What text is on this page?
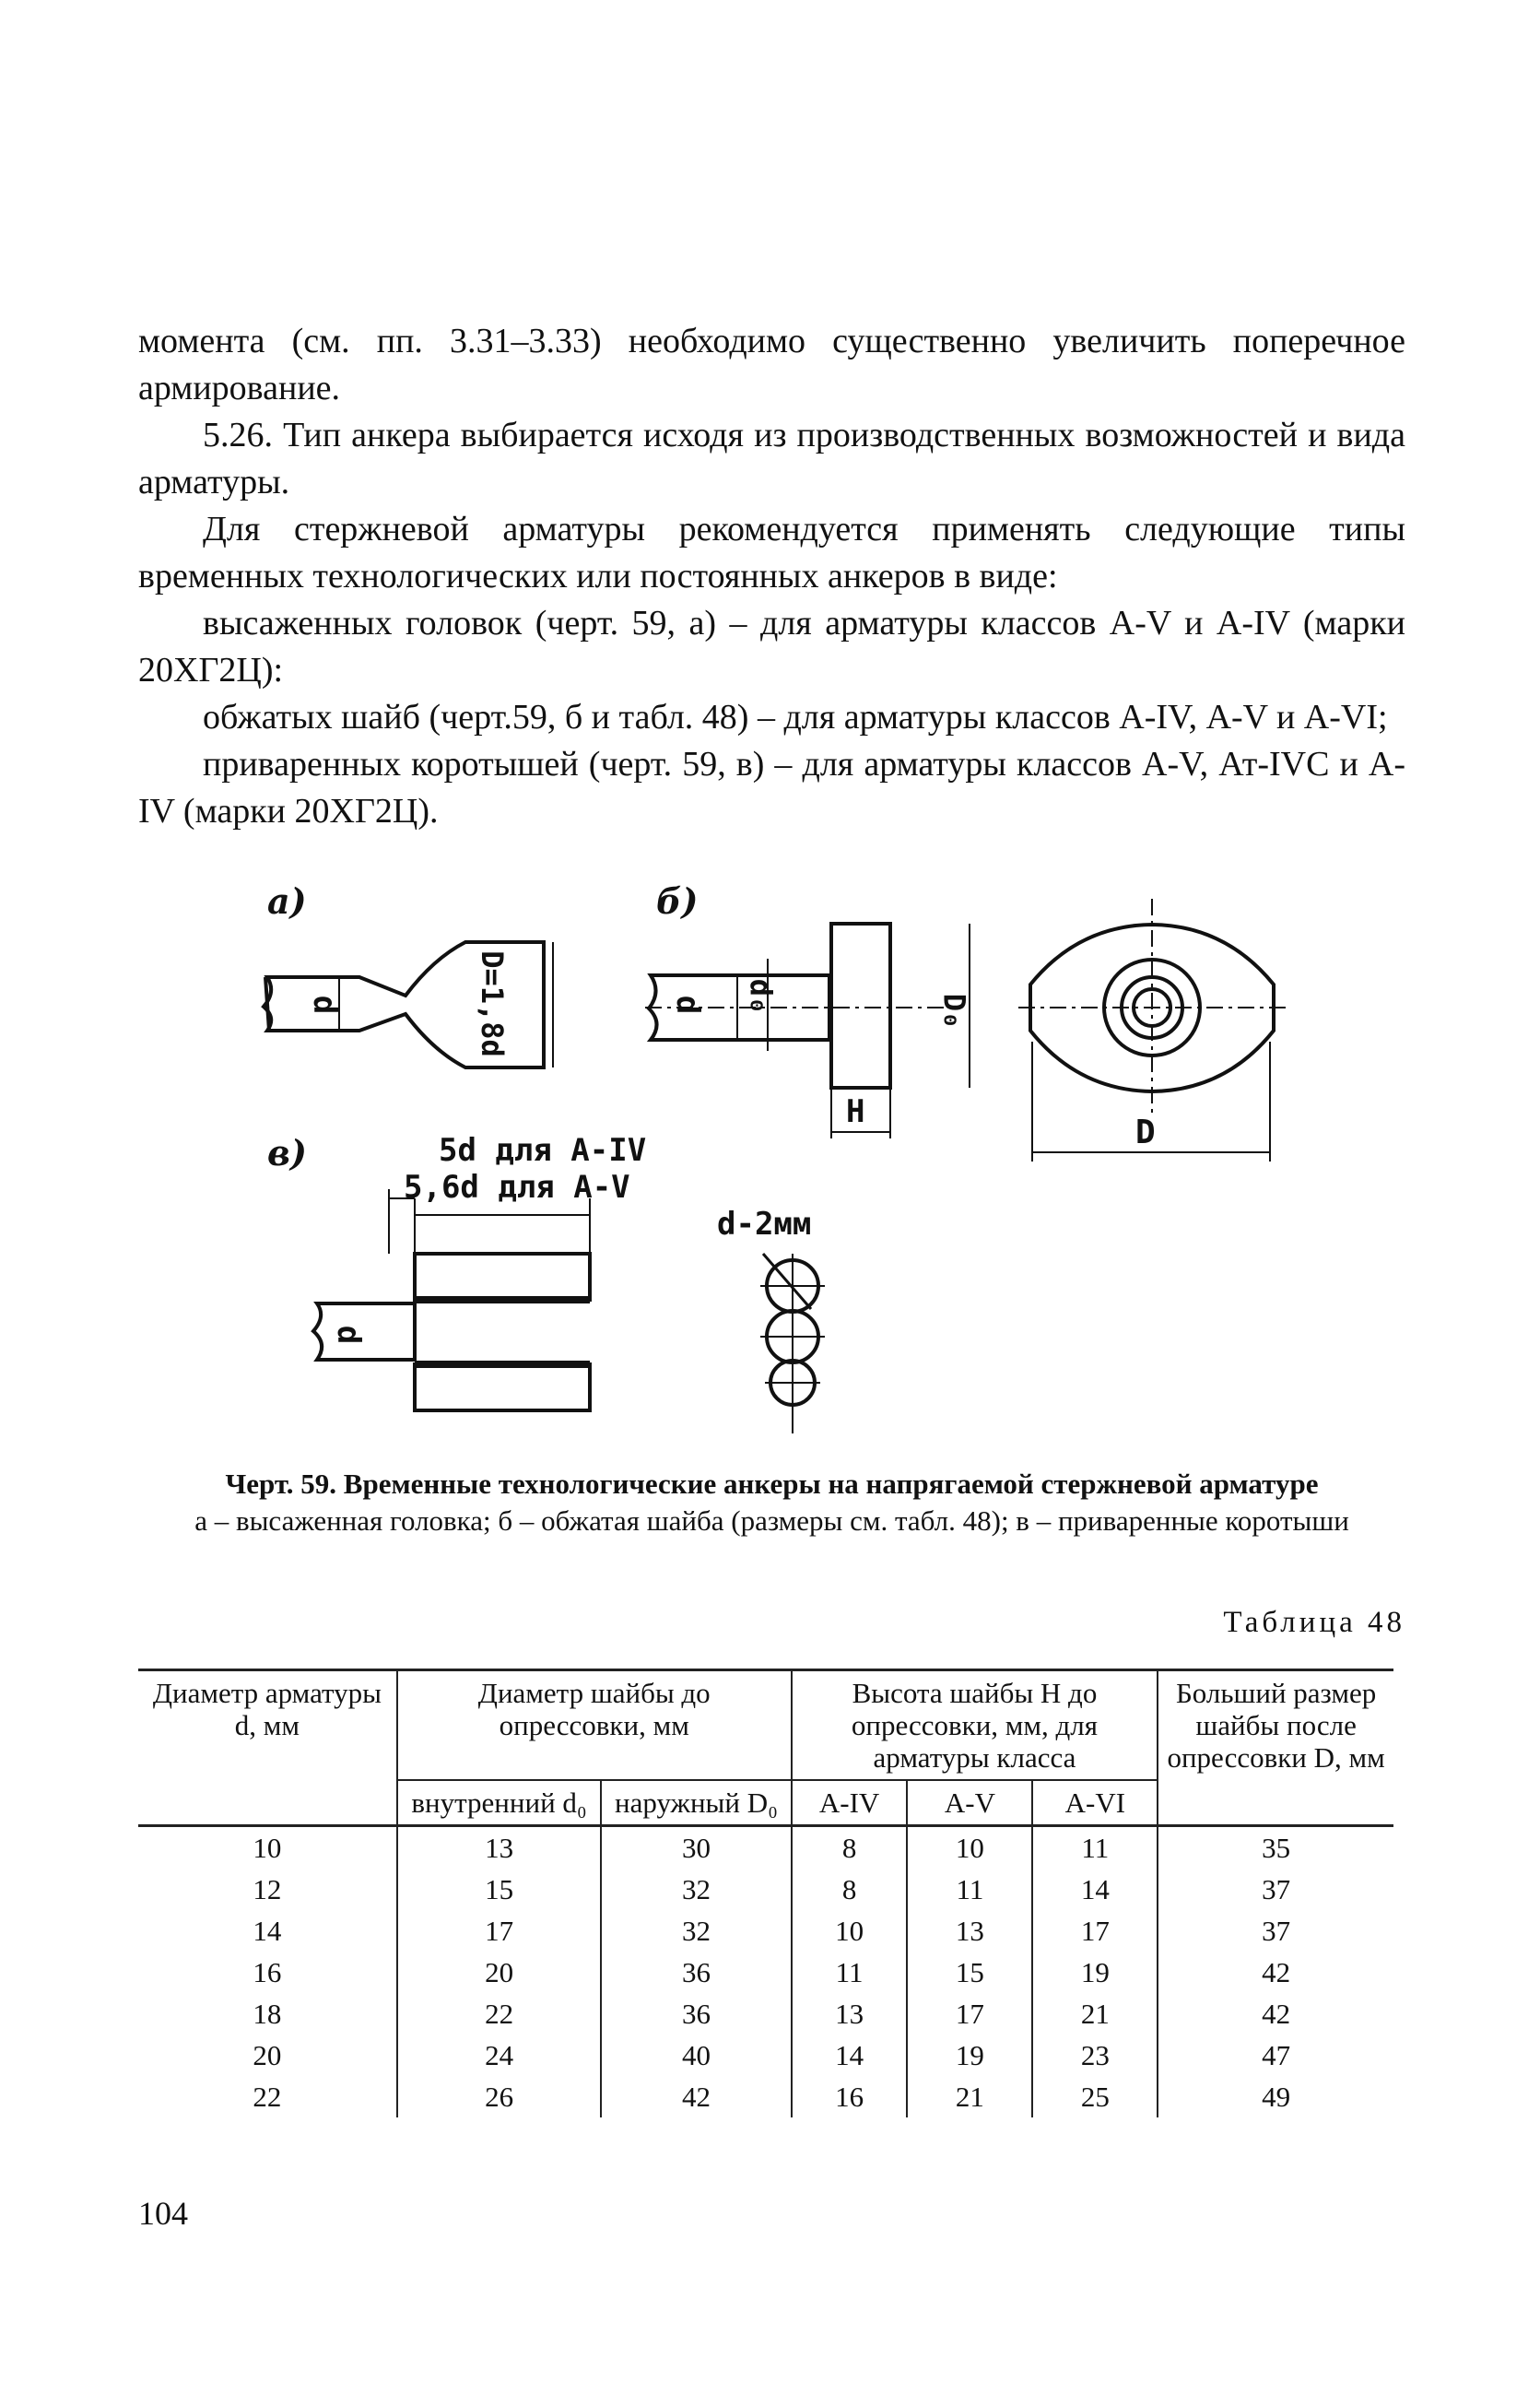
момента (см. пп. 3.31–3.33) необходимо существенно увеличить поперечное армирование.

5.26. Тип анкера выбирается исходя из производственных возможностей и вида арматуры.

Для стержневой арматуры рекомендуется применять следующие типы временных технологических или постоянных анкеров в виде:

высаженных головок (черт. 59, а) – для арматуры классов А-V и А-IV (марки 20ХГ2Ц):

обжатых шайб (черт.59, б и табл. 48) – для арматуры классов А-IV, А-V и А-VI;

приваренных коротышей (черт. 59, в) – для арматуры классов А-V, Ат-IVС и А-IV (марки 20ХГ2Ц).

а)	б)
в)
d	D=1,8d	d d₀	D₀
H
D
5d для А-IV
5,6d для А-V
d
d-2мм
Черт. 59. Временные технологические анкеры на напрягаемой стержневой арматуре
а – высаженная головка; б – обжатая шайба (размеры см. табл. 48); в – приваренные коротыши
Таблица 48
Диаметр арматуры d, мм	Диаметр шайбы до опрессовки, мм		Высота шайбы H до опрессовки, мм, для арматуры класса			Больший размер шайбы после опрессовки D, мм
	внутренний d₀	наружный D₀	А-IV	А-V	А-VI	

10	13	30	8	10	11	35
12	15	32	8	11	14	37
14	17	32	10	13	17	37
16	20	36	11	15	19	42
18	22	36	13	17	21	42
20	24	40	14	19	23	47
22	26	42	16	21	25	49
104
